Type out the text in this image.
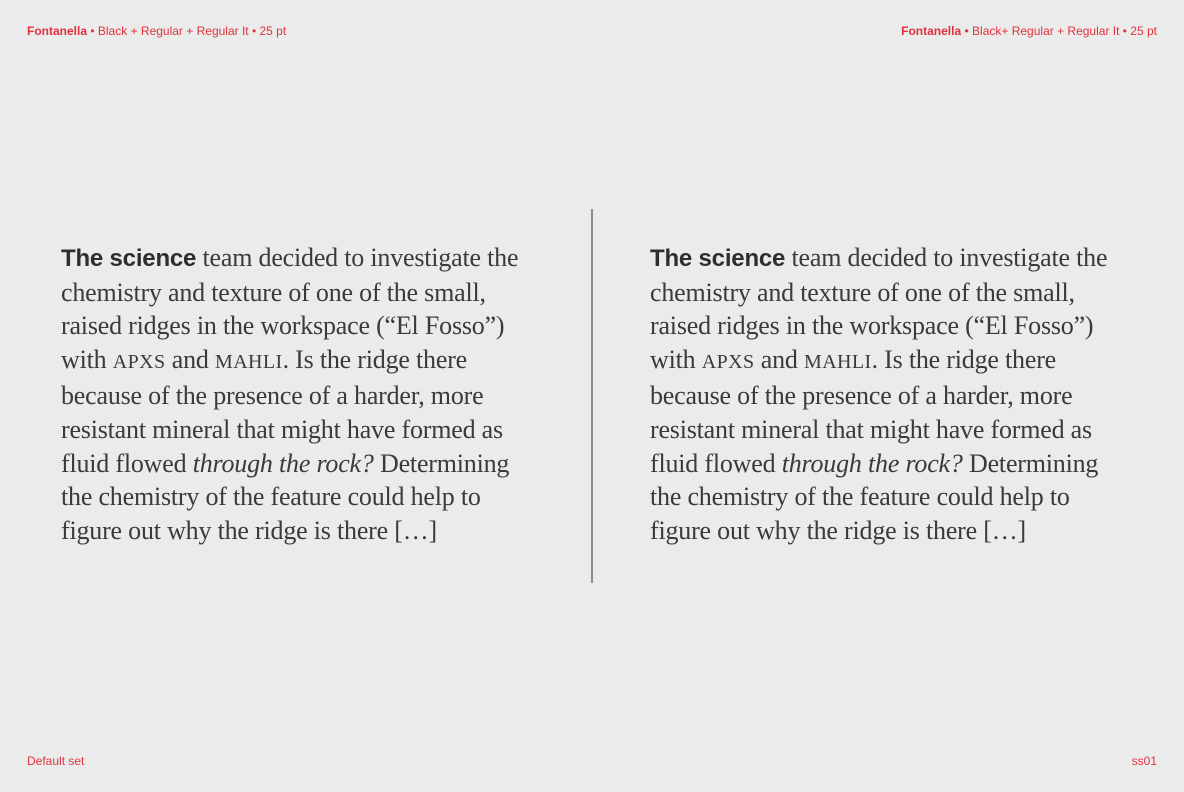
Fontanella • Black + Regular + Regular It • 25 pt	Fontanella • Black+ Regular + Regular It • 25 pt
The science team decided to investigate the chemistry and texture of one of the small, raised ridges in the workspace (“El Fosso”) with APXS and MAHLI. Is the ridge there because of the presence of a harder, more resistant mineral that might have formed as fluid flowed through the rock? Determining the chemistry of the feature could help to figure out why the ridge is there […]
The science team decided to investigate the chemistry and texture of one of the small, raised ridges in the workspace (“El Fosso”) with APXS and MAHLI. Is the ridge there because of the presence of a harder, more resistant mineral that might have formed as fluid flowed through the rock? Determining the chemistry of the feature could help to figure out why the ridge is there […]
Default set	ss01
